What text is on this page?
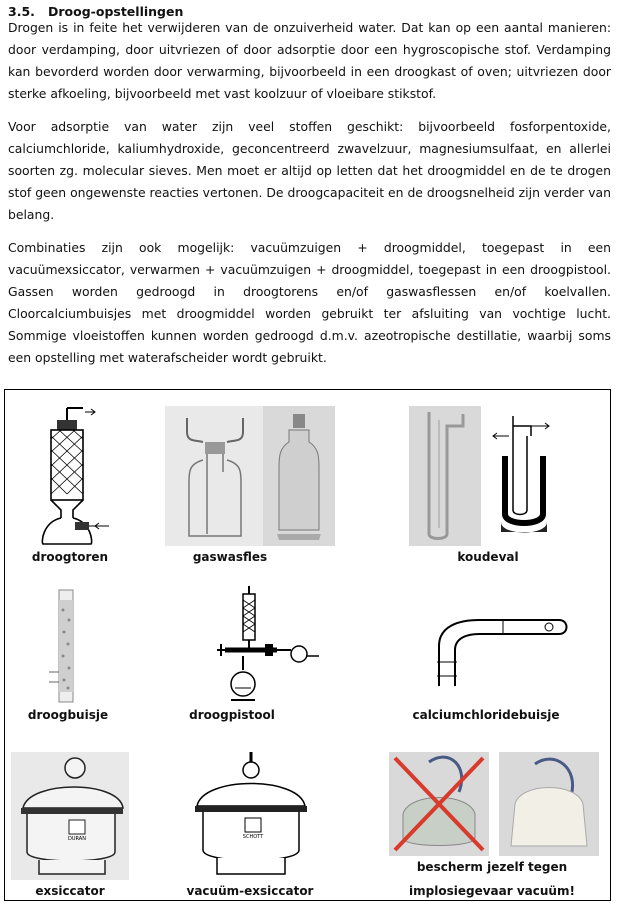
3.5. Droog-opstellingen

Drogen is in feite het verwijderen van de onzuiverheid water. Dat kan op een aantal manieren: door verdamping, door uitvriezen of door adsorptie door een hygroscopische stof. Verdamping kan bevorderd worden door verwarming, bijvoorbeeld in een droogkast of oven; uitvriezen door sterke afkoeling, bijvoorbeeld met vast koolzuur of vloeibare stikstof.

Voor adsorptie van water zijn veel stoffen geschikt: bijvoorbeeld fosforpentoxide, calciumchloride, kaliumhydroxide, geconcentreerd zwavelzuur, magnesiumsulfaat, en allerlei soorten zg. molecular sieves. Men moet er altijd op letten dat het droogmiddel en de te drogen stof geen ongewenste reacties vertonen. De droogcapaciteit en de droogsnelheid zijn verder van belang.

Combinaties zijn ook mogelijk: vacuümzuigen + droogmiddel, toegepast in een vacuümexsiccator, verwarmen + vacuümzuigen + droogmiddel, toegepast in een droogpistool. Gassen worden gedroogd in droogtorens en/of gaswasflessen en/of koelvallen. Cloorcalciumbuisjes met droogmiddel worden gebruikt ter afsluiting van vochtige lucht. Sommige vloeistoffen kunnen worden gedroogd d.m.v. azeotropische destillatie, waarbij soms een opstelling met waterafscheider wordt gebruikt.

droogtoren	gaswasfles	koudeval
droogbuisje	droogpistool	calciumchloridebuisje
DURAN
exsiccator
SCHOTT
vacuüm-exsiccator
bescherm jezelf tegen
implosiegevaar vacuüm!
